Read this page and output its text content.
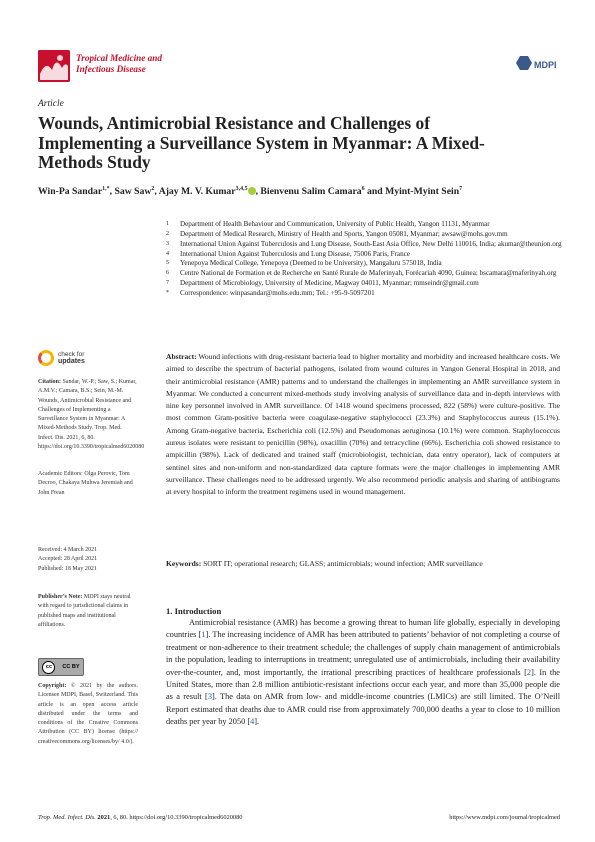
Tropical Medicine and
Infectious Disease	MDPI
Article
Wounds, Antimicrobial Resistance and Challenges of Implementing a Surveillance System in Myanmar: A Mixed-Methods Study
Win-Pa Sandar$^{1,*}$, Saw Saw$^2$, Ajay M. V. Kumar$^{3,4,5}$ , Bienvenu Salim Camara$^6$ and Myint-Myint Sein$^7$
1	Department of Health Behaviour and Communication, University of Public Health, Yangon 11131, Myanmar
2	Department of Medical Research, Ministry of Health and Sports, Yangon 05081, Myanmar; awsaw@mohs.gov.mm
3	International Union Against Tuberculosis and Lung Disease, South-East Asia Office, New Delhi 110016, India; akumar@theunion.org
4	International Union Against Tuberculosis and Lung Disease, 75006 Paris, France
5	Yenepoya Medical College, Yenepoya (Deemed to be University), Mangaluru 575018, India
6	Centre National de Formation et de Recherche en Santé Rurale de Maferinyah, Forécariah 4090, Guinea; bscamara@maferinyah.org
7	Department of Microbiology, University of Medicine, Magway 04011, Myanmar; mmseindr@gmail.com
*	Correspondence: winpasandar@mohs.edu.mm; Tel.: +95-9-5097201
check for
updates
Citation: Sandar, W.-P.; Saw, S.; Kumar, A.M.V.; Camara, B.S.; Sein, M.-M. Wounds, Antimicrobial Resistance and Challenges of Implementing a Surveillance System in Myanmar: A Mixed-Methods Study. Trop. Med. Infect. Dis. 2021, 6, 80. https://doi.org/10.3390/tropicalmed6020080
Academic Editors: Olga Perovic, Tom Decroo, Chakaya Muhwa Jeremiah and John Frean
Received: 4 March 2021
Accepted: 28 April 2021
Published: 18 May 2021
Publisher’s Note: MDPI stays neutral with regard to jurisdictional claims in published maps and institutional affiliations.
cc	CC BY
Copyright: © 2021 by the authors. Licensee MDPI, Basel, Switzerland. This article is an open access article distributed under the terms and conditions of the Creative Commons Attribution (CC BY) license (https:// creativecommons.org/licenses/by/ 4.0/).
Abstract: Wound infections with drug-resistant bacteria lead to higher mortality and morbidity and increased healthcare costs. We aimed to describe the spectrum of bacterial pathogens, isolated from wound cultures in Yangon General Hospital in 2018, and their antimicrobial resistance (AMR) patterns and to understand the challenges in implementing an AMR surveillance system in Myanmar. We conducted a concurrent mixed-methods study involving analysis of surveillance data and in-depth interviews with nine key personnel involved in AMR surveillance. Of 1418 wound specimens processed, 822 (58%) were culture-positive. The most common Gram-positive bacteria were coagulase-negative staphylococci (23.3%) and Staphylococcus aureus (15.1%). Among Gram-negative bacteria, Escherichia coli (12.5%) and Pseudomonas aeruginosa (10.1%) were common. Staphylococcus aureus isolates were resistant to penicillin (98%), oxacillin (70%) and tetracycline (66%). Escherichia coli showed resistance to ampicillin (98%). Lack of dedicated and trained staff (microbiologist, technician, data entry operator), lack of computers at sentinel sites and non-uniform and non-standardized data capture formats were the major challenges in implementing AMR surveillance. These challenges need to be addressed urgently. We also recommend periodic analysis and sharing of antibiograms at every hospital to inform the treatment regimens used in wound management.
Keywords: SORT IT; operational research; GLASS; antimicrobials; wound infection; AMR surveillance
1. Introduction
Antimicrobial resistance (AMR) has become a growing threat to human life globally, especially in developing countries [1]. The increasing incidence of AMR has been attributed to patients’ behavior of not completing a course of treatment or non-adherence to their treatment schedule; the challenges of supply chain management of antimicrobials in the population, leading to interruptions in treatment; unregulated use of antimicrobials, including their availability over-the-counter, and, most importantly, the irrational prescribing practices of healthcare professionals [2]. In the United States, more than 2.8 million antibiotic-resistant infections occur each year, and more than 35,000 people die as a result [3]. The data on AMR from low- and middle-income countries (LMICs) are still limited. The O’Neill Report estimated that deaths due to AMR could rise from approximately 700,000 deaths a year to close to 10 million deaths per year by 2050 [4].
Trop. Med. Infect. Dis. 2021, 6, 80. https://doi.org/10.3390/tropicalmed6020080	https://www.mdpi.com/journal/tropicalmed
